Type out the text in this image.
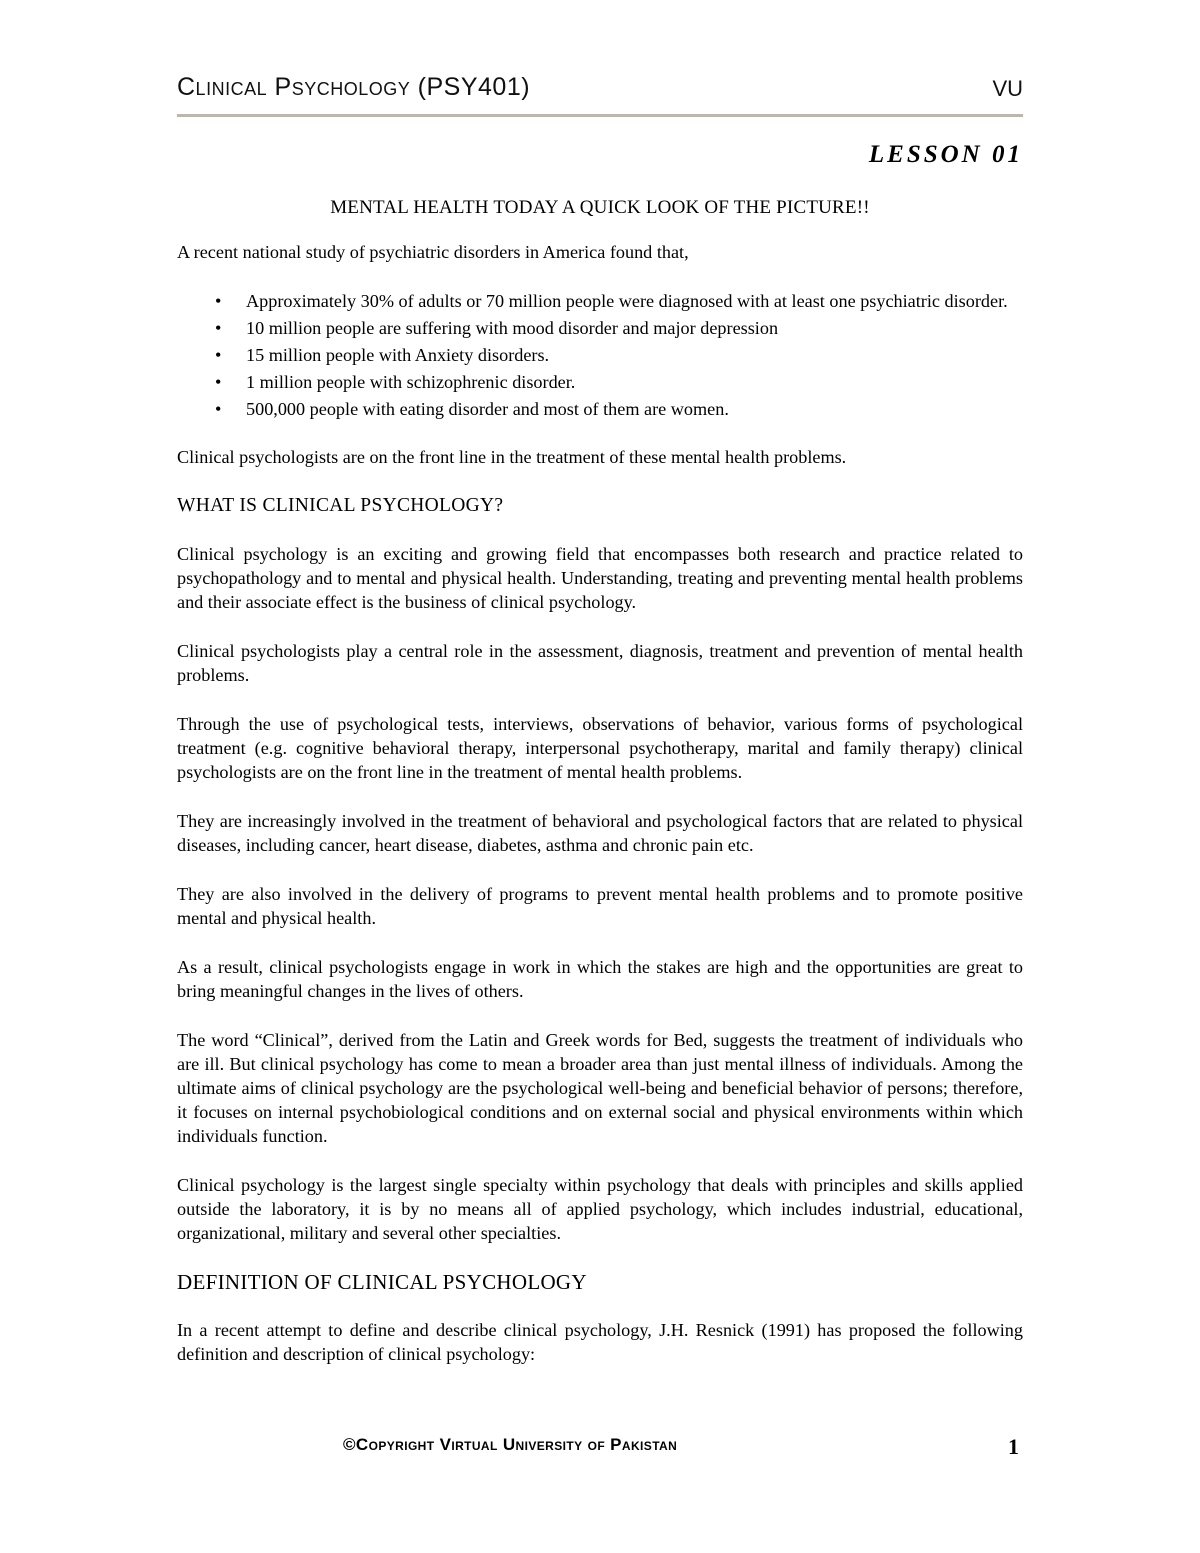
Clinical Psychology (PSY401)	VU
LESSON 01
MENTAL HEALTH TODAY A QUICK LOOK OF THE PICTURE!!

A recent national study of psychiatric disorders in America found that,

• Approximately 30% of adults or 70 million people were diagnosed with at least one psychiatric disorder.
• 10 million people are suffering with mood disorder and major depression
• 15 million people with Anxiety disorders.
• 1 million people with schizophrenic disorder.
• 500,000 people with eating disorder and most of them are women.

Clinical psychologists are on the front line in the treatment of these mental health problems.

WHAT IS CLINICAL PSYCHOLOGY?

Clinical psychology is an exciting and growing field that encompasses both research and practice related to psychopathology and to mental and physical health. Understanding, treating and preventing mental health problems and their associate effect is the business of clinical psychology.

Clinical psychologists play a central role in the assessment, diagnosis, treatment and prevention of mental health problems.

Through the use of psychological tests, interviews, observations of behavior, various forms of psychological treatment (e.g. cognitive behavioral therapy, interpersonal psychotherapy, marital and family therapy) clinical psychologists are on the front line in the treatment of mental health problems.

They are increasingly involved in the treatment of behavioral and psychological factors that are related to physical diseases, including cancer, heart disease, diabetes, asthma and chronic pain etc.

They are also involved in the delivery of programs to prevent mental health problems and to promote positive mental and physical health.

As a result, clinical psychologists engage in work in which the stakes are high and the opportunities are great to bring meaningful changes in the lives of others.

The word “Clinical”, derived from the Latin and Greek words for Bed, suggests the treatment of individuals who are ill. But clinical psychology has come to mean a broader area than just mental illness of individuals. Among the ultimate aims of clinical psychology are the psychological well-being and beneficial behavior of persons; therefore, it focuses on internal psychobiological conditions and on external social and physical environments within which individuals function.

Clinical psychology is the largest single specialty within psychology that deals with principles and skills applied outside the laboratory, it is by no means all of applied psychology, which includes industrial, educational, organizational, military and several other specialties.

DEFINITION OF CLINICAL PSYCHOLOGY

In a recent attempt to define and describe clinical psychology, J.H. Resnick (1991) has proposed the following definition and description of clinical psychology:

©Copyright Virtual University of Pakistan	1
